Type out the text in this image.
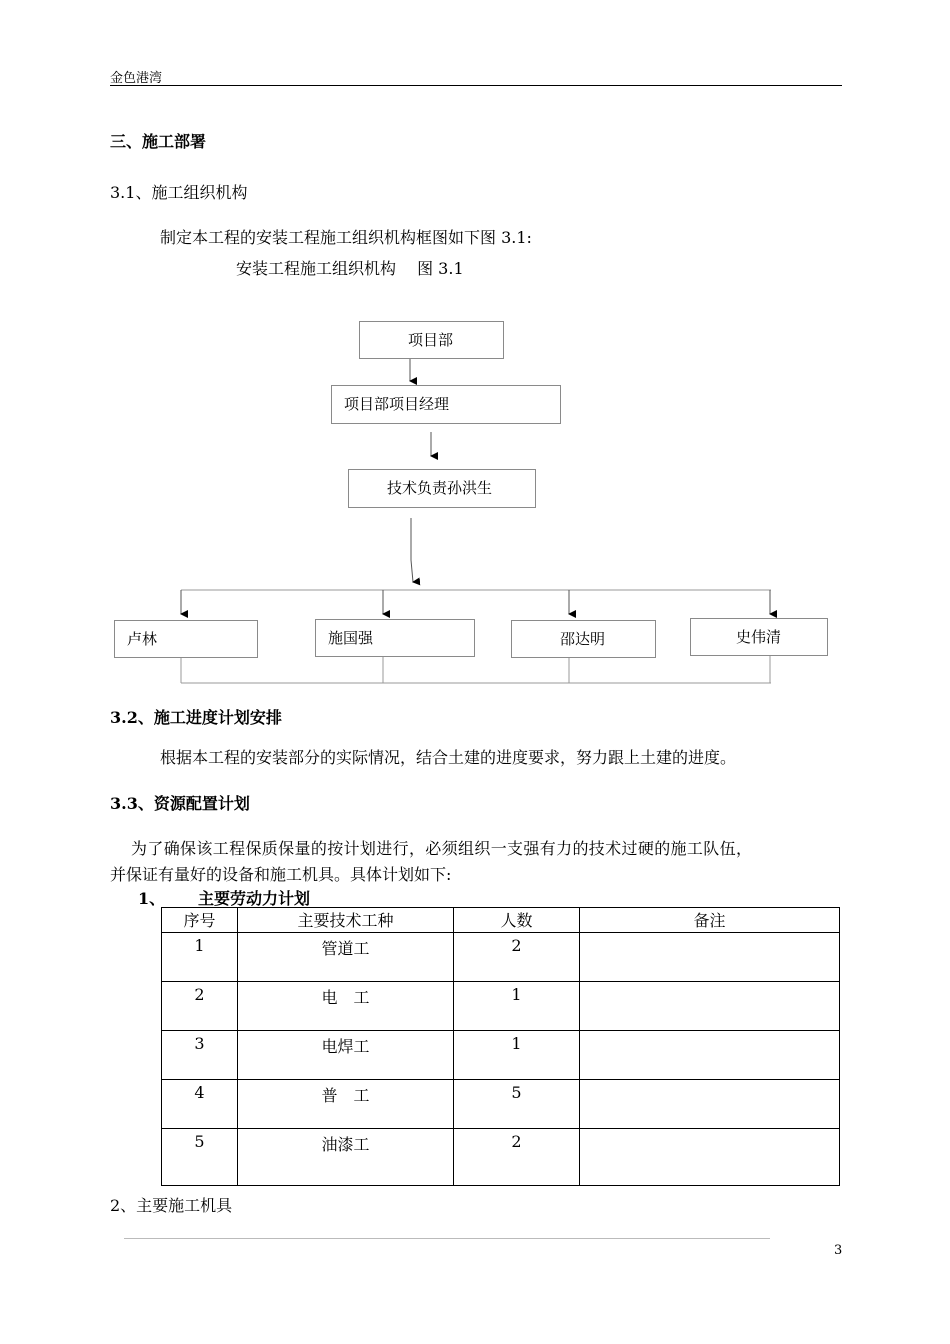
金色港湾
三、施工部署
3.1、施工组织机构
制定本工程的安装工程施工组织机构框图如下图 3.1:
安装工程施工组织机构　 图 3.1
项目部
项目部项目经理
技术负责孙洪生
卢林	施国强	邵达明	史伟清
3.2、施工进度计划安排
根据本工程的安装部分的实际情况，结合土建的进度要求，努力跟上土建的进度。
3.3、资源配置计划
为了确保该工程保质保量的按计划进行，必须组织一支强有力的技术过硬的施工队伍，
并保证有量好的设备和施工机具。具体计划如下:
1、 主要劳动力计划
序号	主要技术工种	人数	备注
1	管道工	2	
2	电　工	1	
3	电焊工	1	
4	普　工	5	
5	油漆工	2	
2、主要施工机具
3
